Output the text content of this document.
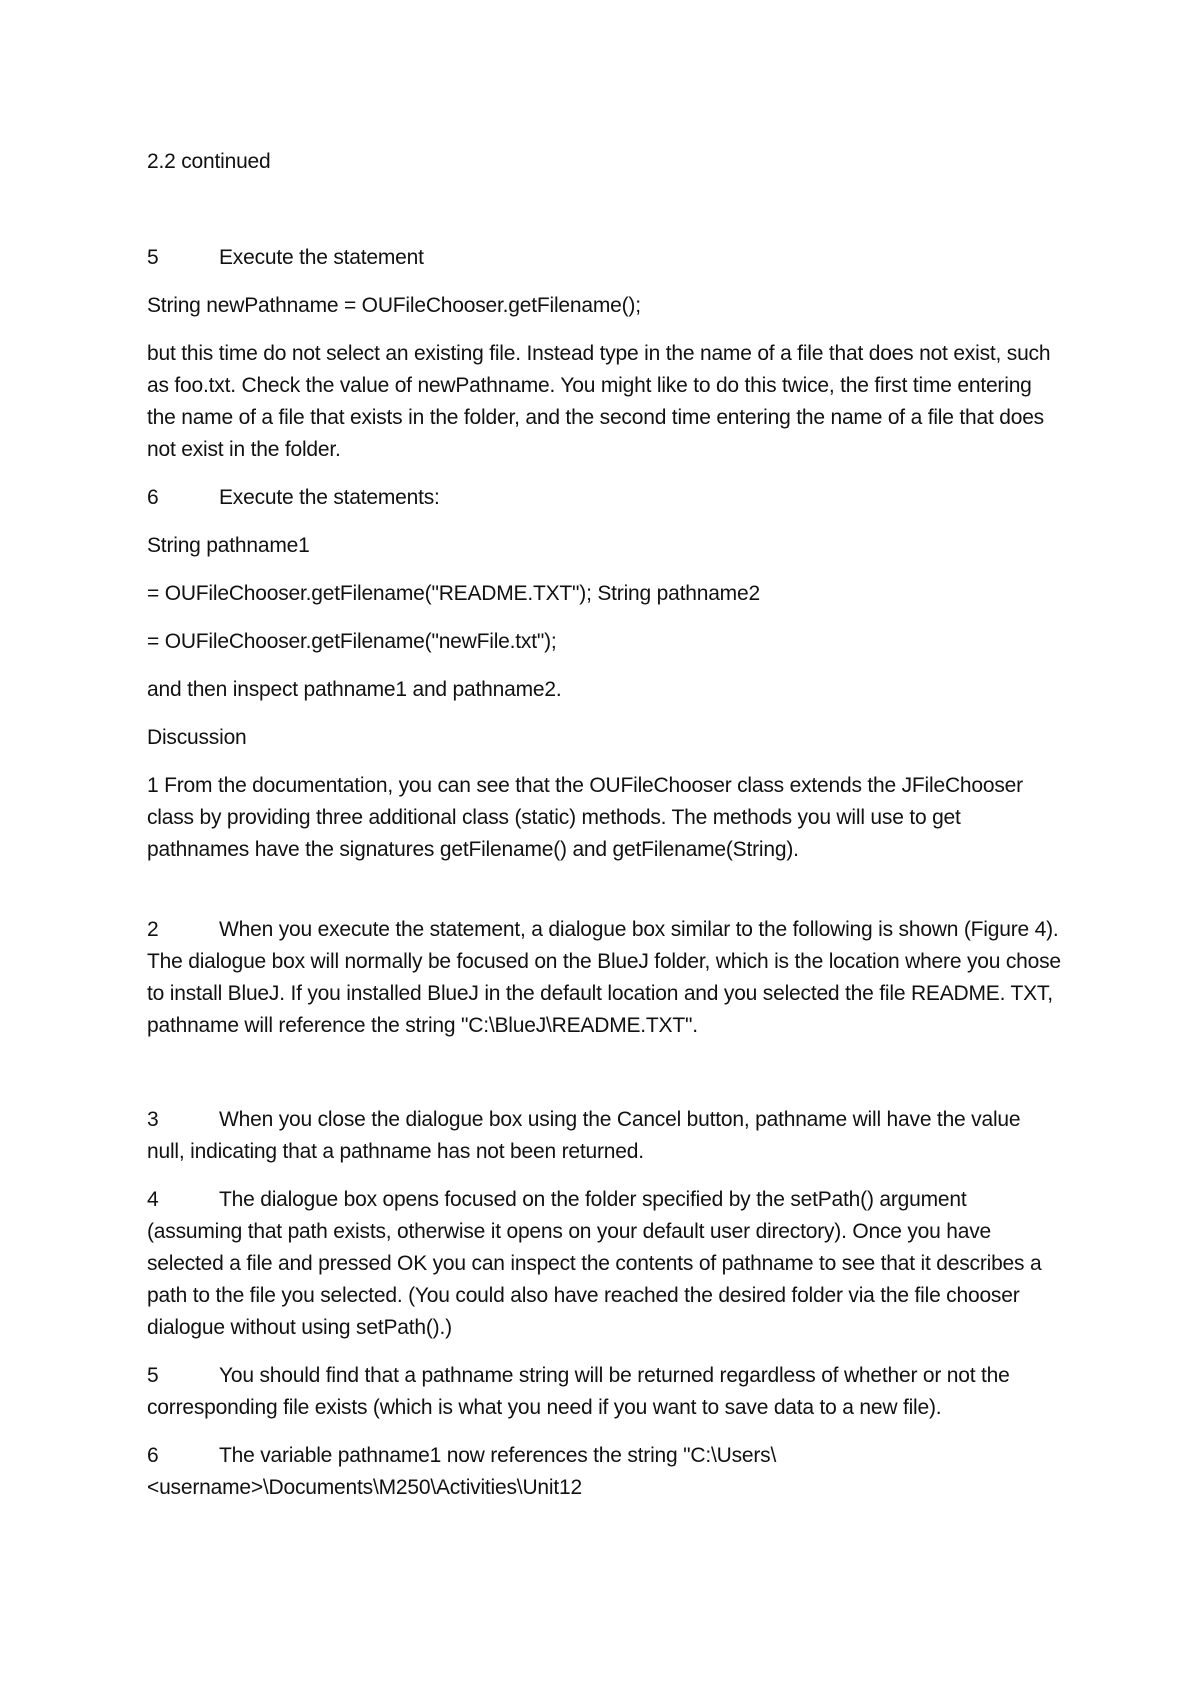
2.2 continued

5	Execute the statement

String newPathname = OUFileChooser.getFilename();

but this time do not select an existing file. Instead type in the name of a file that does not exist, such as foo.txt. Check the value of newPathname. You might like to do this twice, the first time entering the name of a file that exists in the folder, and the second time entering the name of a file that does not exist in the folder.

6	Execute the statements:

String pathname1

= OUFileChooser.getFilename("README.TXT"); String pathname2

= OUFileChooser.getFilename("newFile.txt");

and then inspect pathname1 and pathname2.

Discussion

1 From the documentation, you can see that the OUFileChooser class extends the JFileChooser class by providing three additional class (static) methods. The methods you will use to get pathnames have the signatures getFilename() and getFilename(String).

2	When you execute the statement, a dialogue box similar to the following is shown (Figure 4). The dialogue box will normally be focused on the BlueJ folder, which is the location where you chose to install BlueJ. If you installed BlueJ in the default location and you selected the file README. TXT, pathname will reference the string "C:\BlueJ\README.TXT".

3	When you close the dialogue box using the Cancel button, pathname will have the value null, indicating that a pathname has not been returned.

4	The dialogue box opens focused on the folder specified by the setPath() argument (assuming that path exists, otherwise it opens on your default user directory). Once you have selected a file and pressed OK you can inspect the contents of pathname to see that it describes a path to the file you selected. (You could also have reached the desired folder via the file chooser dialogue without using setPath().)

5	You should find that a pathname string will be returned regardless of whether or not the corresponding file exists (which is what you need if you want to save data to a new file).

6	The variable pathname1 now references the string "C:\Users\<username>\Documents\M250\Activities\Unit12
